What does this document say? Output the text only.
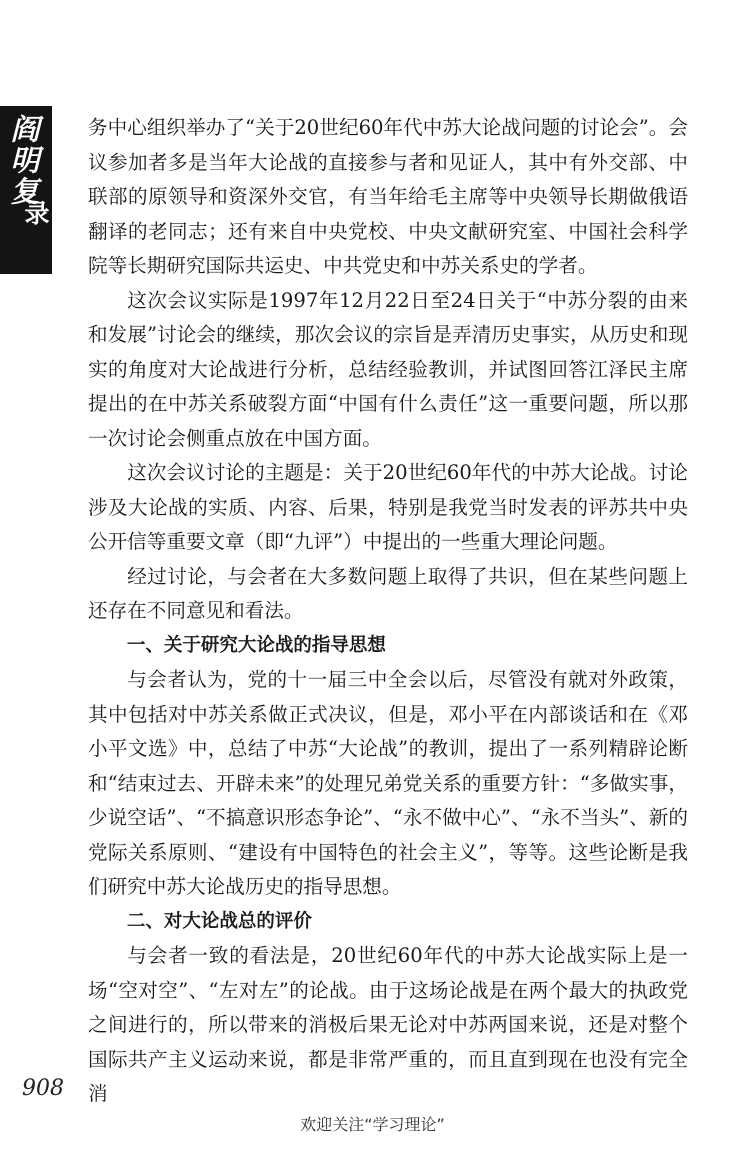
阎明复
回忆录

务中心组织举办了“关于20世纪60年代中苏大论战问题的讨论会”。会议参加者多是当年大论战的直接参与者和见证人，其中有外交部、中联部的原领导和资深外交官，有当年给毛主席等中央领导长期做俄语翻译的老同志；还有来自中央党校、中央文献研究室、中国社会科学院等长期研究国际共运史、中共党史和中苏关系史的学者。

这次会议实际是1997年12月22日至24日关于“中苏分裂的由来和发展”讨论会的继续，那次会议的宗旨是弄清历史事实，从历史和现实的角度对大论战进行分析，总结经验教训，并试图回答江泽民主席提出的在中苏关系破裂方面“中国有什么责任”这一重要问题，所以那一次讨论会侧重点放在中国方面。

这次会议讨论的主题是：关于20世纪60年代的中苏大论战。讨论涉及大论战的实质、内容、后果，特别是我党当时发表的评苏共中央公开信等重要文章（即“九评”）中提出的一些重大理论问题。

经过讨论，与会者在大多数问题上取得了共识，但在某些问题上还存在不同意见和看法。

一、关于研究大论战的指导思想

与会者认为，党的十一届三中全会以后，尽管没有就对外政策，其中包括对中苏关系做正式决议，但是，邓小平在内部谈话和在《邓小平文选》中，总结了中苏“大论战”的教训，提出了一系列精辟论断和“结束过去、开辟未来”的处理兄弟党关系的重要方针：“多做实事，少说空话”、“不搞意识形态争论”、“永不做中心”、“永不当头”、新的党际关系原则、“建设有中国特色的社会主义”，等等。这些论断是我们研究中苏大论战历史的指导思想。

二、对大论战总的评价

与会者一致的看法是，20世纪60年代的中苏大论战实际上是一场“空对空”、“左对左”的论战。由于这场论战是在两个最大的执政党之间进行的，所以带来的消极后果无论对中苏两国来说，还是对整个国际共产主义运动来说，都是非常严重的，而且直到现在也没有完全消

908
欢迎关注“学习理论”
